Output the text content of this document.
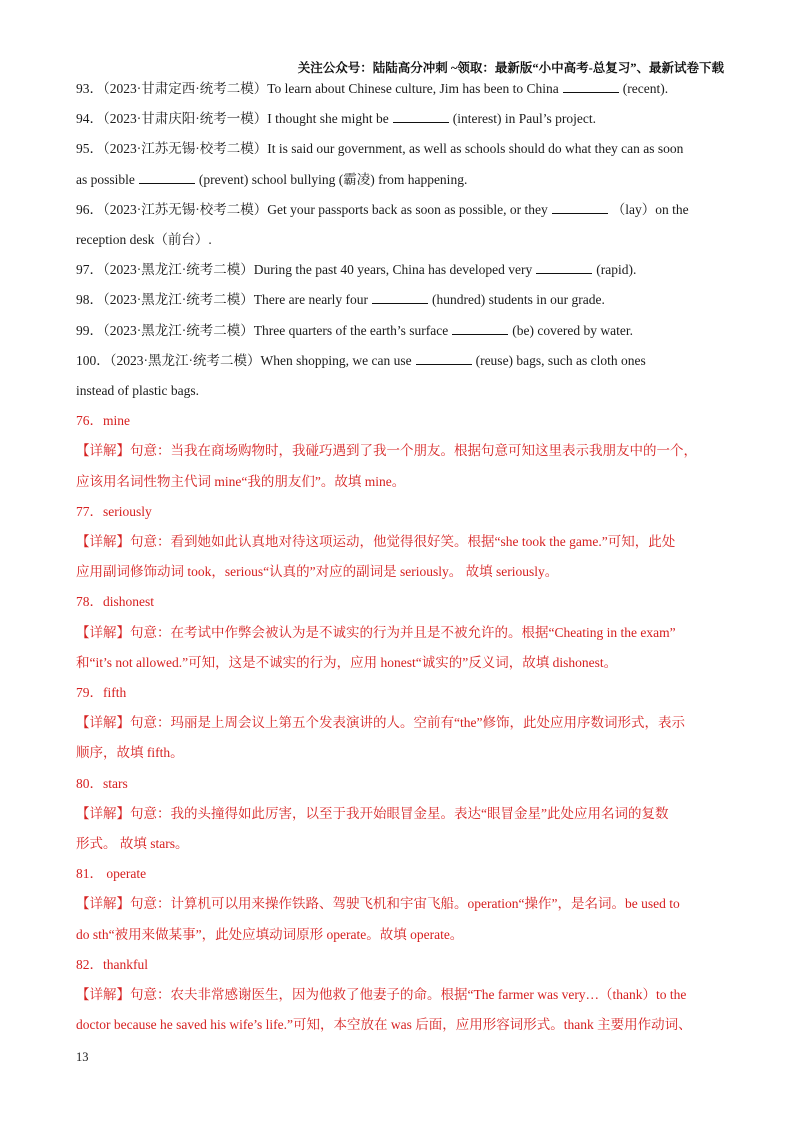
关注公众号：陆陆高分冲刺 ~领取：最新版“小中高考-总复习”、最新试卷下载
93．（2023·甘肃定西·统考二模）To learn about Chinese culture, Jim has been to China	(recent).
94．（2023·甘肃庆阳·统考一模）I thought she might be	(interest) in Paul’s project.
95．（2023·江苏无锡·校考二模）It is said our government, as well as schools should do what they can as soon
as possible	(prevent) school bullying (霸凌) from happening.
96．（2023·江苏无锡·校考二模）Get your passports back as soon as possible, or they	（lay）on the
reception desk（前台）.
97．（2023·黑龙江·统考二模）During the past 40 years, China has developed very	(rapid).
98．（2023·黑龙江·统考二模）There are nearly four	(hundred) students in our grade.
99．（2023·黑龙江·统考二模）Three quarters of the earth’s surface	(be) covered by water.
100．（2023·黑龙江·统考二模）When shopping, we can use	(reuse) bags, such as cloth ones
instead of plastic bags.
76．mine
【详解】句意：当我在商场购物时，我碰巧遇到了我一个朋友。根据句意可知这里表示我朋友中的一个，
应该用名词性物主代词 mine“我的朋友们”。故填 mine。
77．seriously
【详解】句意：看到她如此认真地对待这项运动，他觉得很好笑。根据“she took the game.”可知，此处
应用副词修饰动词 took，serious“认真的”对应的副词是 seriously。 故填 seriously。
78．dishonest
【详解】句意：在考试中作弊会被认为是不诚实的行为并且是不被允许的。根据“Cheating in the exam”
和“it’s not allowed.”可知，这是不诚实的行为，应用 honest“诚实的”反义词，故填 dishonest。
79．fifth
【详解】句意：玛丽是上周会议上第五个发表演讲的人。空前有“the”修饰，此处应用序数词形式，表示
顺序，故填 fifth。
80．stars
【详解】句意：我的头撞得如此厉害，以至于我开始眼冒金星。表达“眼冒金星”此处应用名词的复数
形式。 故填 stars。
81． operate
【详解】句意：计算机可以用来操作铁路、驾驶飞机和宇宙飞船。operation“操作”，是名词。be used to
do sth“被用来做某事”，此处应填动词原形 operate。故填 operate。
82．thankful
【详解】句意：农夫非常感谢医生，因为他救了他妻子的命。根据“The farmer was very…（thank）to the
doctor because he saved his wife’s life.”可知，本空放在 was 后面，应用形容词形式。thank 主要用作动词、
13
